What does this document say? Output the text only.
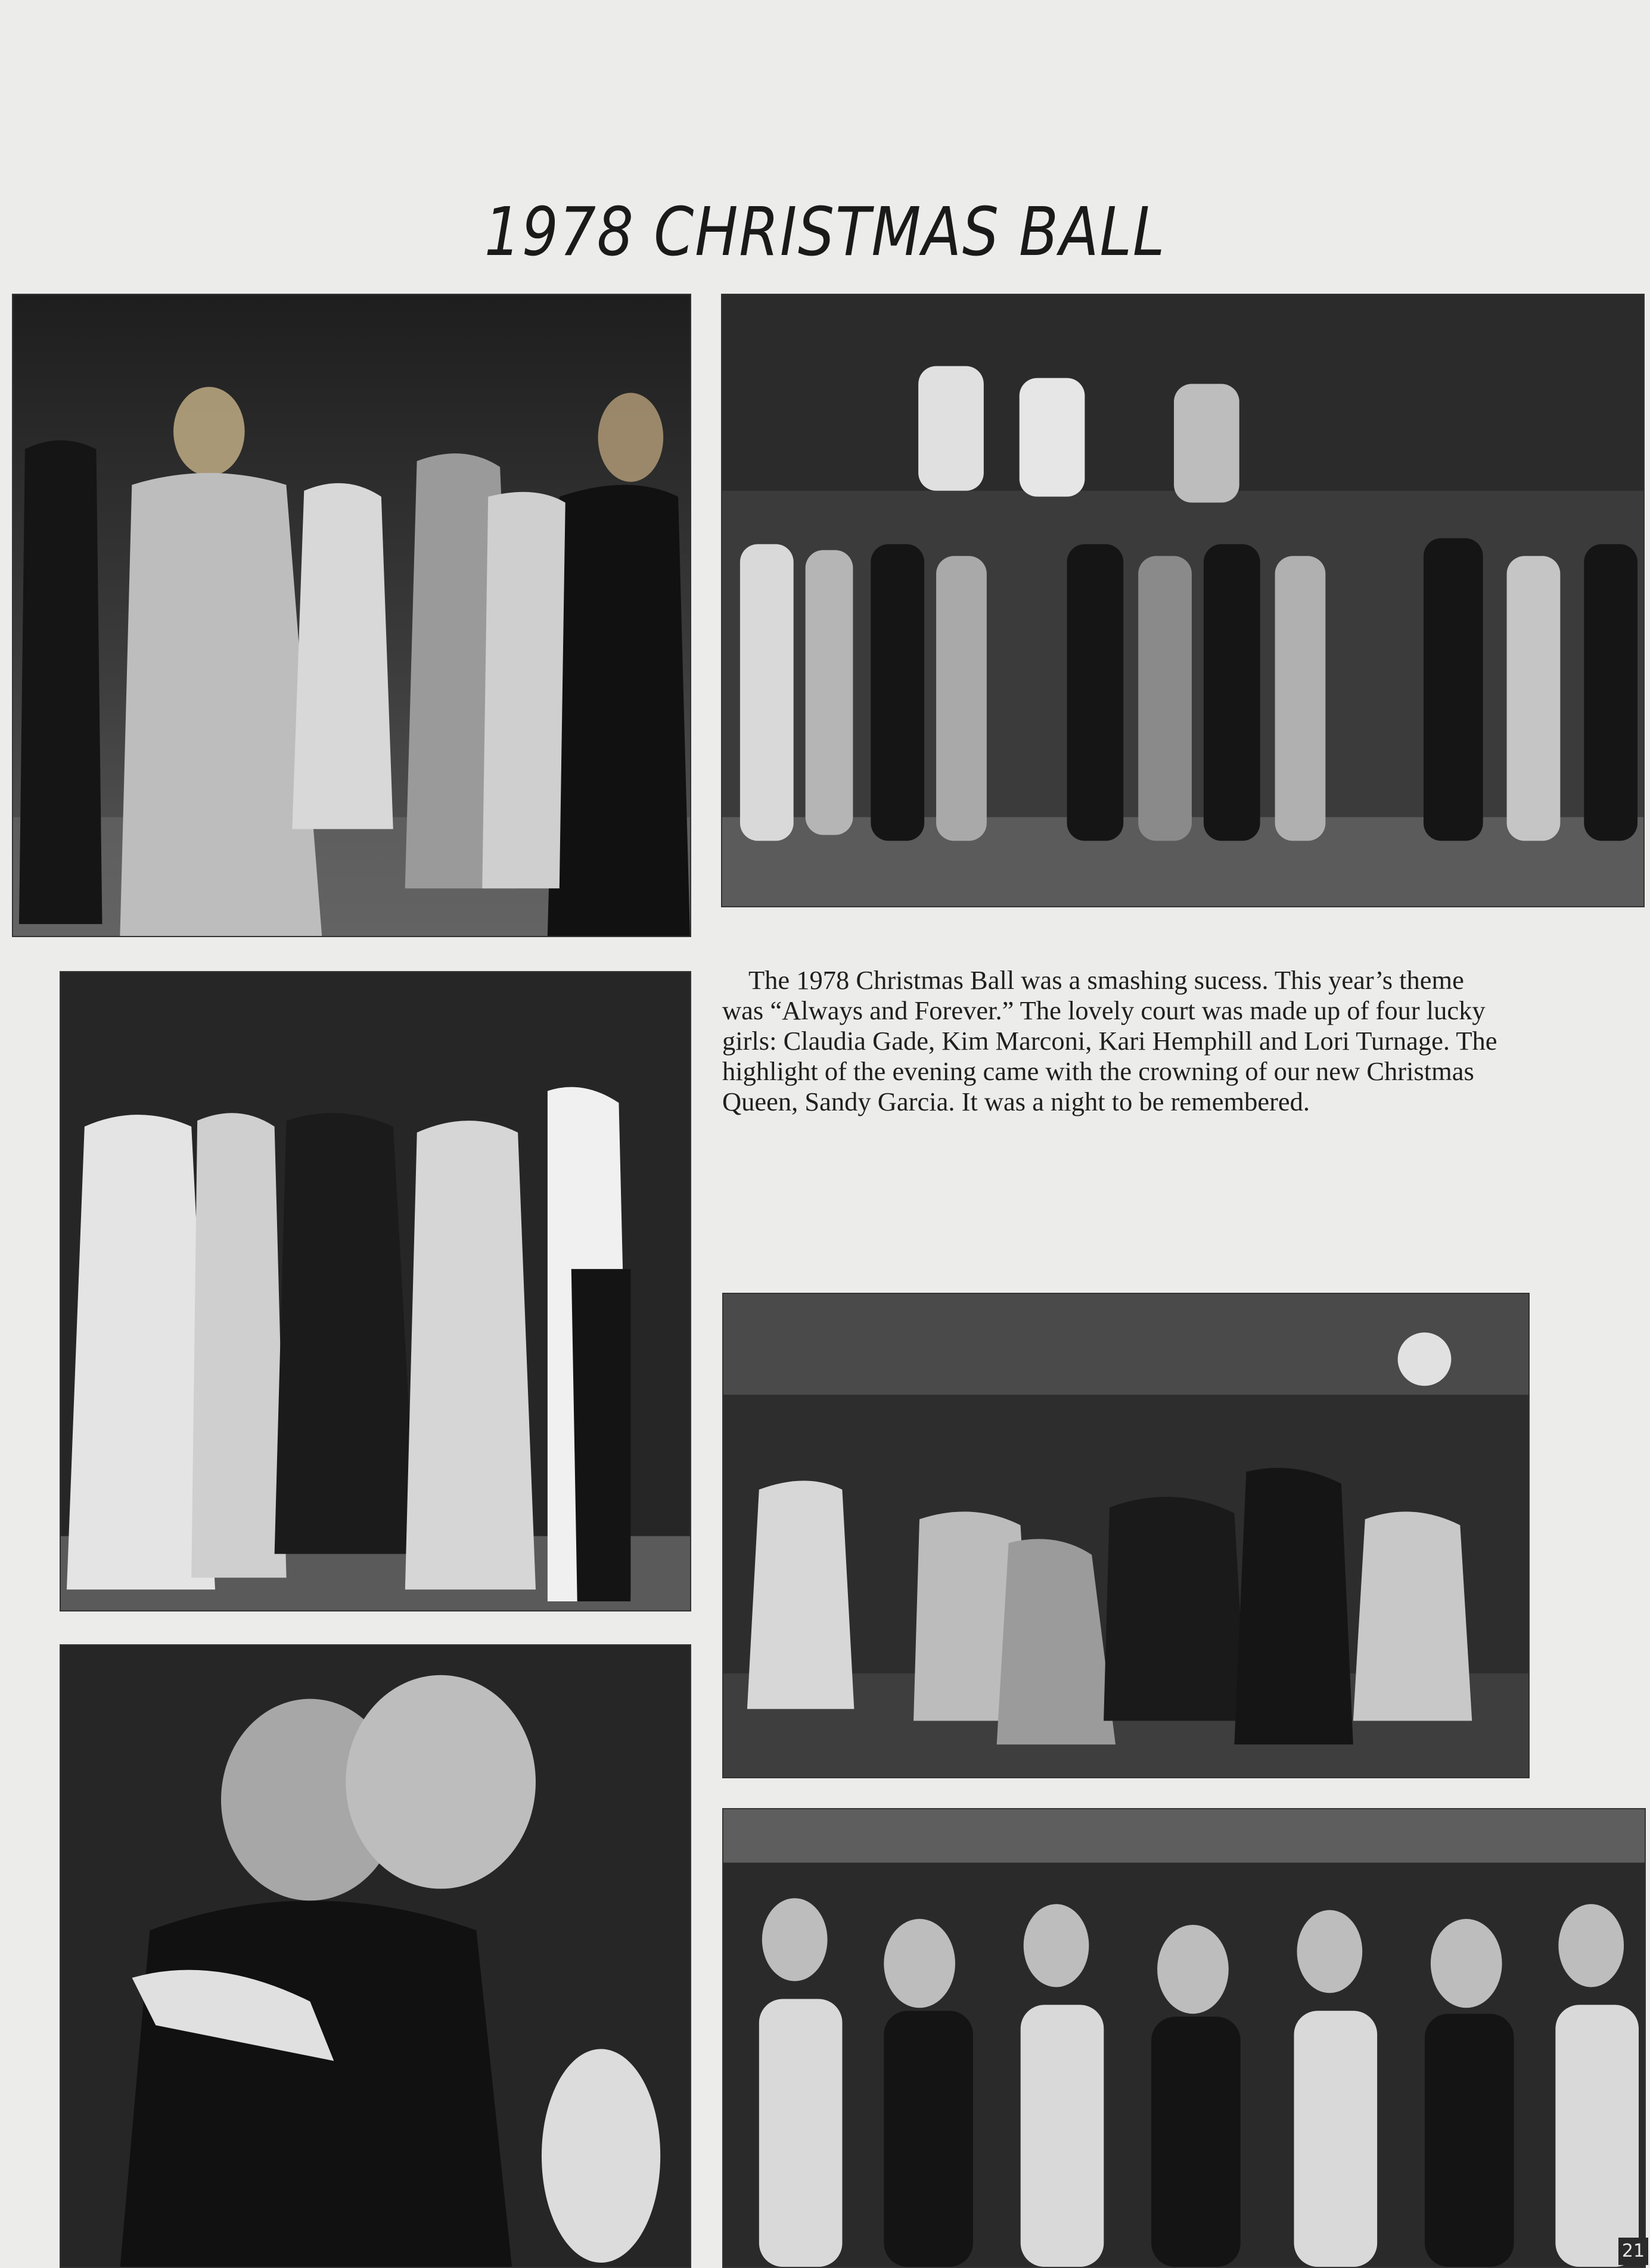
1978 CHRISTMAS BALL

The 1978 Christmas Ball was a smashing sucess. This year’s theme was “Always and Forever.” The lovely court was made up of four lucky girls: Claudia Gade, Kim Marconi, Kari Hemphill and Lori Turnage. The highlight of the evening came with the crowning of our new Christmas Queen, Sandy Garcia. It was a night to be remembered.

21
